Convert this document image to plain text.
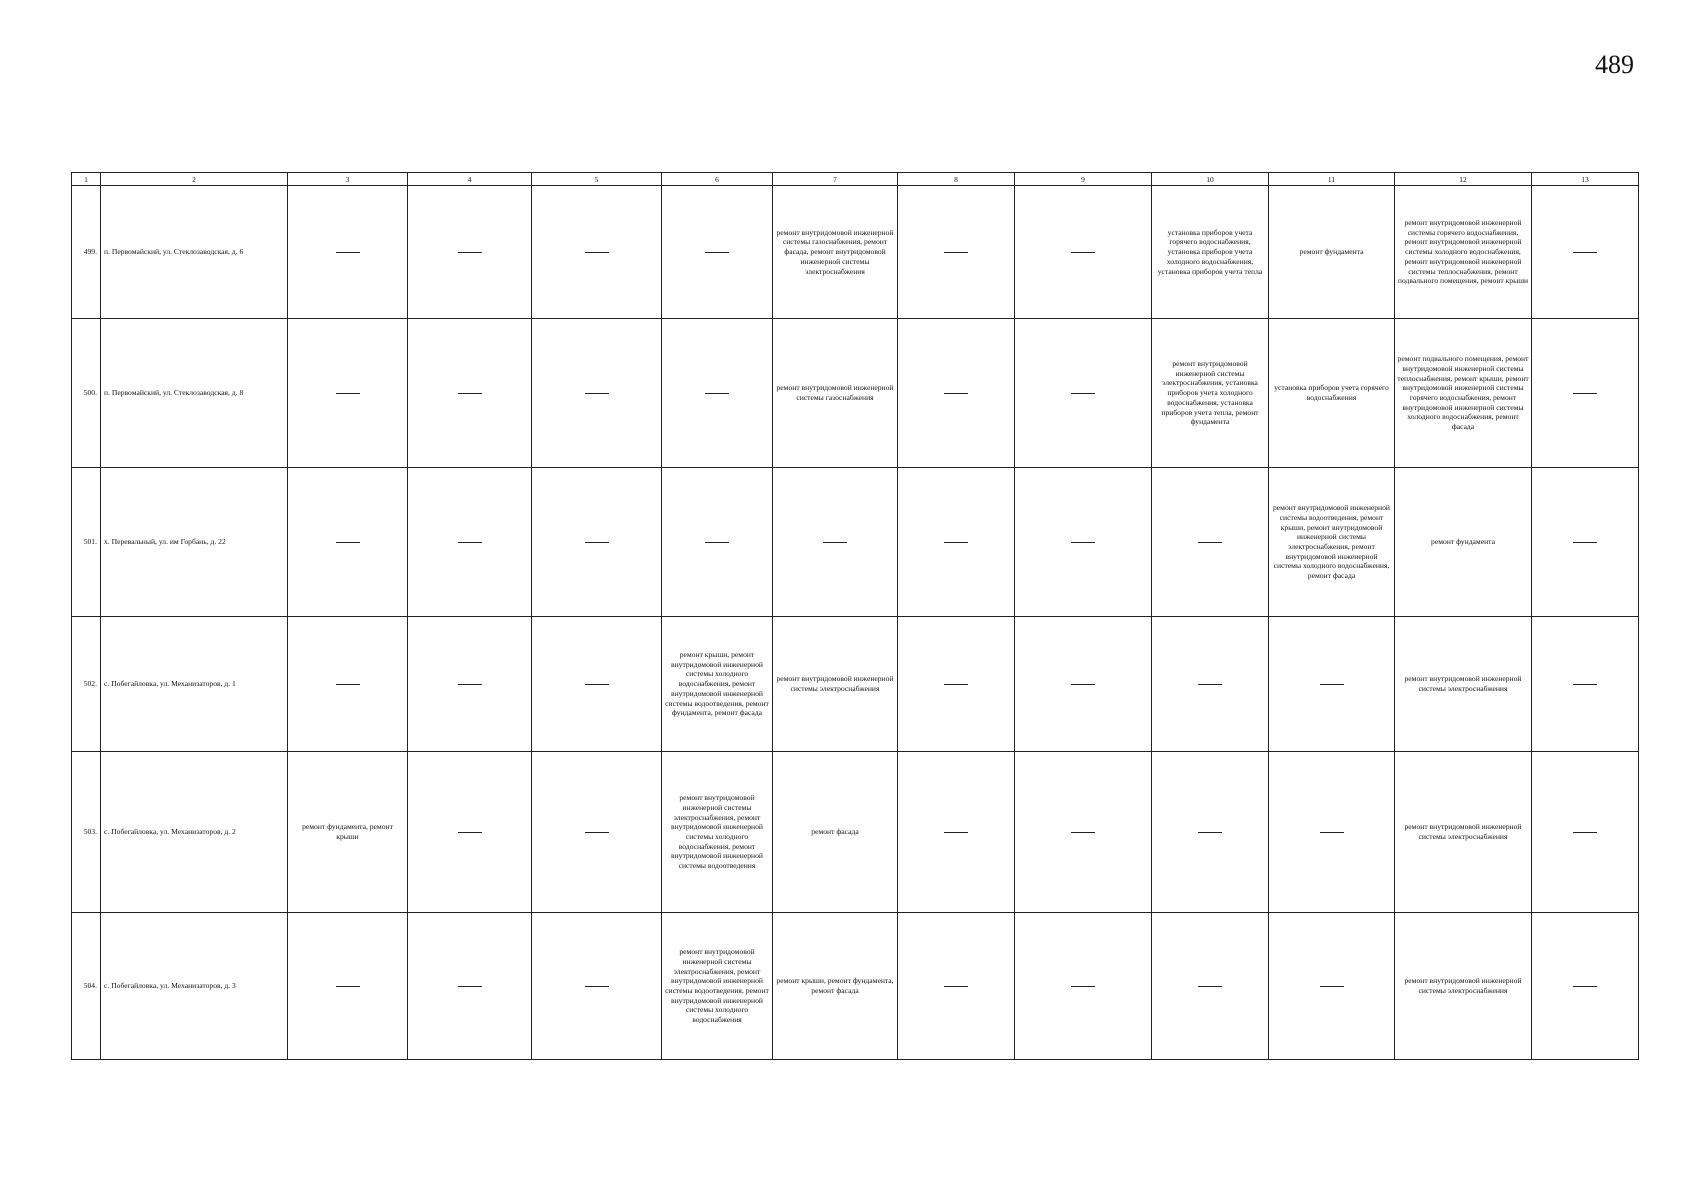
489
1	2	3	4	5	6	7	8	9	10	11	12	13
499.	п. Первомайский, ул. Стеклозаводская, д. 6					ремонт внутридомовой инженерной системы газоснабжения, ремонт фасада, ремонт внутридомовой инженерной системы электроснабжения			установка приборов учета горячего водоснабжения, установка приборов учета холодного водоснабжения, установка приборов учета тепла	ремонт фундамента	ремонт внутридомовой инженерной системы горячего водоснабжения, ремонт внутридомовой инженерной системы холодного водоснабжения, ремонт внутридомовой инженерной системы теплоснабжения, ремонт подвального помещения, ремонт крыши	
500.	п. Первомайский, ул. Стеклозаводская, д. 8					ремонт внутридомовой инженерной системы газоснабжения			ремонт внутридомовой инженерной системы электроснабжения, установка приборов учета холодного водоснабжения, установка приборов учета тепла, ремонт фундамента	установка приборов учета горячего водоснабжения	ремонт подвального помещения, ремонт внутридомовой инженерной системы теплоснабжения, ремонт крыши, ремонт внутридомовой инженерной системы горячего водоснабжения, ремонт внутридомовой инженерной системы холодного водоснабжения, ремонт фасада	
501.	х. Перевальный, ул. им Горбань, д. 22									ремонт внутридомовой инженерной системы водоотведения, ремонт крыши, ремонт внутридомовой инженерной системы электроснабжения, ремонт внутридомовой инженерной системы холодного водоснабжения, ремонт фасада	ремонт фундамента	
502.	с. Побегайловка, ул. Механизаторов, д. 1				ремонт крыши, ремонт внутридомовой инженерной системы холодного водоснабжения, ремонт внутридомовой инженерной системы водоотведения, ремонт фундамента, ремонт фасада	ремонт внутридомовой инженерной системы электроснабжения					ремонт внутридомовой инженерной системы электроснабжения	
503.	с. Побегайловка, ул. Механизаторов, д. 2	ремонт фундамента, ремонт крыши			ремонт внутридомовой инженерной системы электроснабжения, ремонт внутридомовой инженерной системы холодного водоснабжения, ремонт внутридомовой инженерной системы водоотведения	ремонт фасада					ремонт внутридомовой инженерной системы электроснабжения	
504.	с. Побегайловка, ул. Механизаторов, д. 3				ремонт внутридомовой инженерной системы электроснабжения, ремонт внутридомовой инженерной системы водоотведения, ремонт внутридомовой инженерной системы холодного водоснабжения	ремонт крыши, ремонт фундамента, ремонт фасада					ремонт внутридомовой инженерной системы электроснабжения	
